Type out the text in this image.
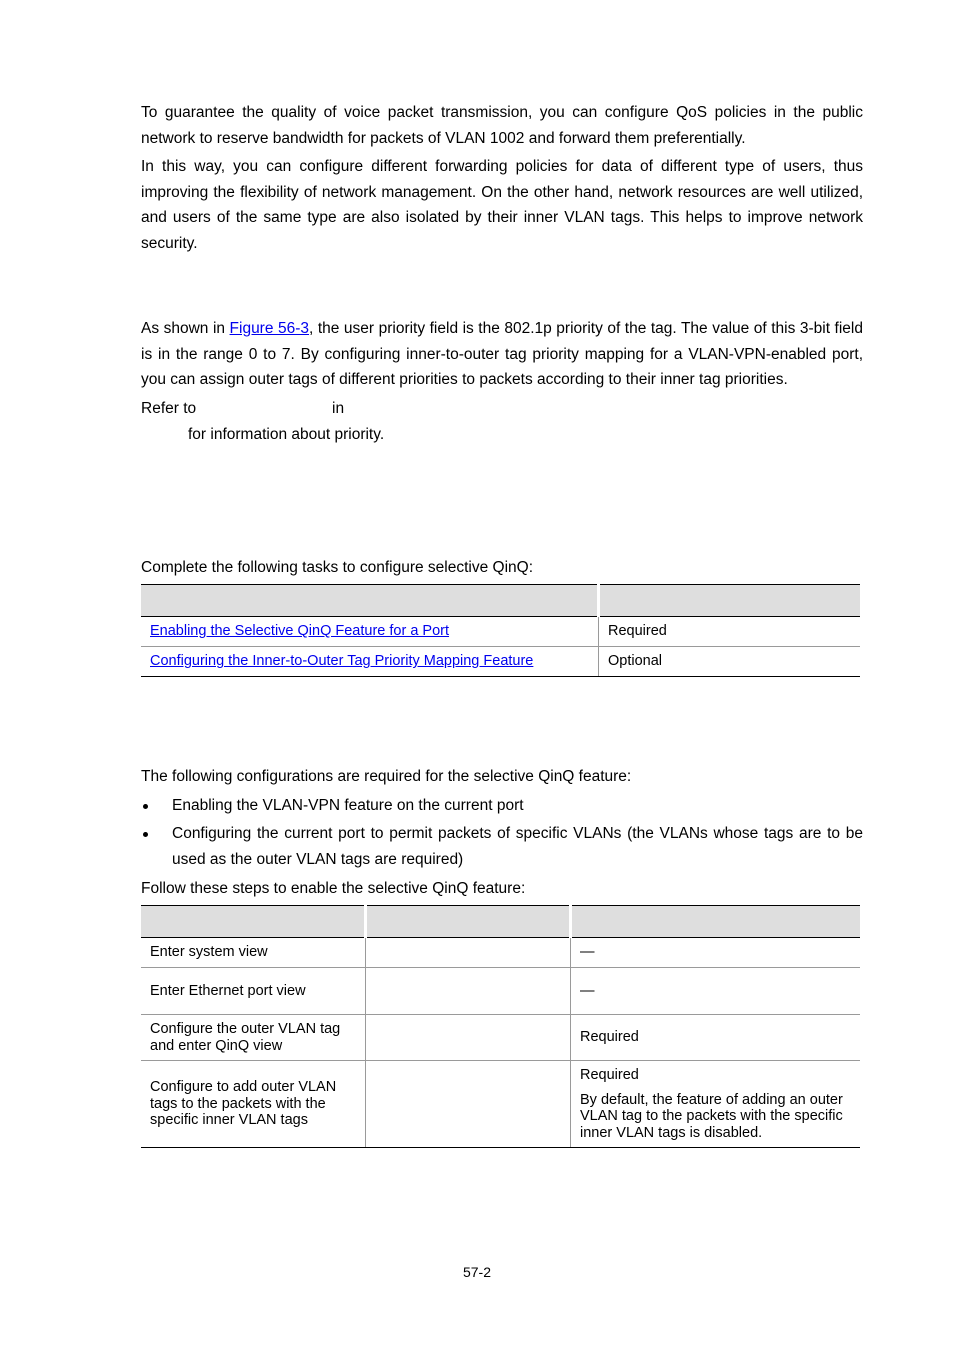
To guarantee the quality of voice packet transmission, you can configure QoS policies in the public network to reserve bandwidth for packets of VLAN 1002 and forward them preferentially.

In this way, you can configure different forwarding policies for data of different type of users, thus improving the flexibility of network management. On the other hand, network resources are well utilized, and users of the same type are also isolated by their inner VLAN tags. This helps to improve network security.

As shown in Figure 56-3, the user priority field is the 802.1p priority of the tag. The value of this 3-bit field is in the range 0 to 7. By configuring inner-to-outer tag priority mapping for a VLAN-VPN-enabled port, you can assign outer tags of different priorities to packets according to their inner tag priorities.

Refer to	in
for information about priority.

Complete the following tasks to configure selective QinQ:

Enabling the Selective QinQ Feature for a Port	Required
Configuring the Inner-to-Outer Tag Priority Mapping Feature	Optional

The following configurations are required for the selective QinQ feature:

Enabling the VLAN-VPN feature on the current port
Configuring the current port to permit packets of specific VLANs (the VLANs whose tags are to be used as the outer VLAN tags are required)

Follow these steps to enable the selective QinQ feature:

Enter system view		—
Enter Ethernet port view		—
Configure the outer VLAN tag and enter QinQ view		Required
Configure to add outer VLAN tags to the packets with the specific inner VLAN tags		Required

By default, the feature of adding an outer VLAN tag to the packets with the specific inner VLAN tags is disabled.

57-2
